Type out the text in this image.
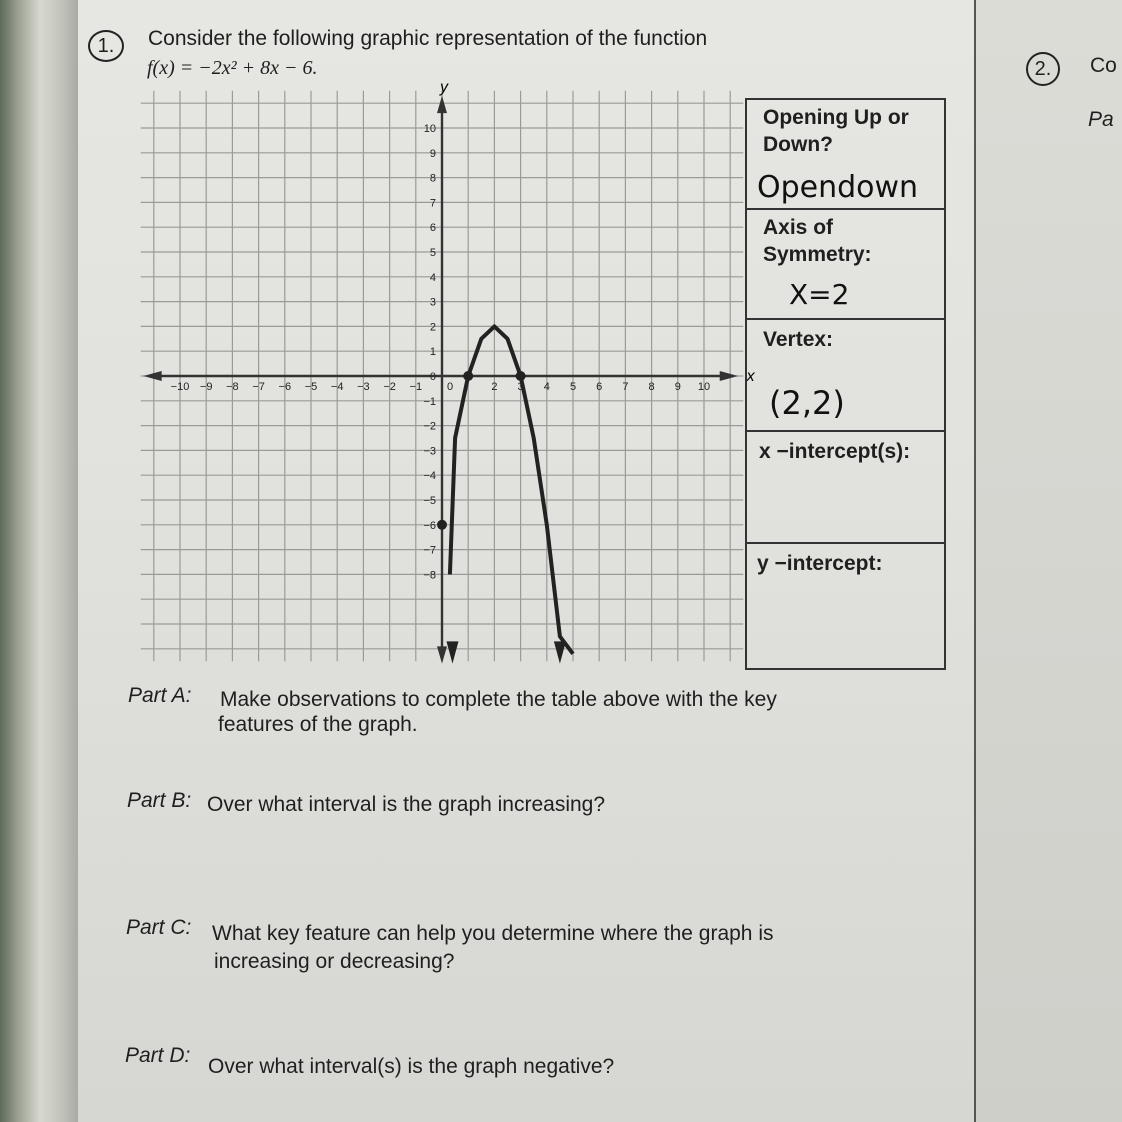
1.	Consider the following graphic representation of the function
f(x) = −2x² + 8x − 6.
x
y
−10 −9 −8 −7 −6 −5 −4 −3 −2 −1 0	2 3 4 5 6 7 8 9 10
10
9
8
7
6
5
4
3
2
1
0
−1
−2
−3
−4
−5
−6
−7
−8
Opening Up or Down?
Opendown
Axis of Symmetry:
X=2
Vertex:
(2,2)
x −intercept(s):
y −intercept:
Part A: Make observations to complete the table above with the key
features of the graph.
Part B: Over what interval is the graph increasing?
Part C: What key feature can help you determine where the graph is
increasing or decreasing?
Part D: Over what interval(s) is the graph negative?
2.	Co
Pa
